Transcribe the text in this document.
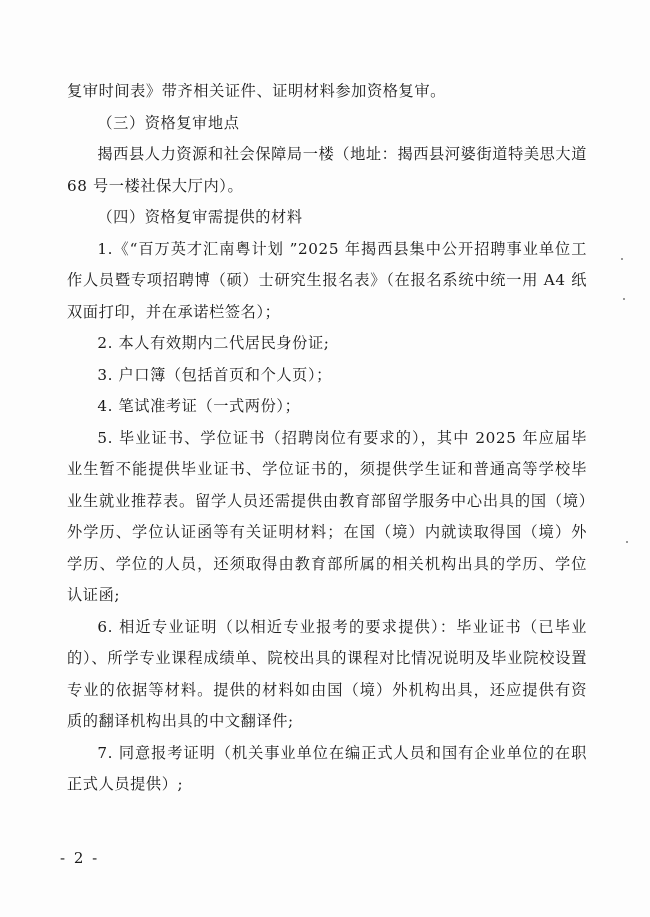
复审时间表》带齐相关证件、证明材料参加资格复审。

（三）资格复审地点

揭西县人力资源和社会保障局一楼（地址：揭西县河婆街道特美思大道 68 号一楼社保大厅内）。

（四）资格复审需提供的材料

1.《“百万英才汇南粤计划 ”2025 年揭西县集中公开招聘事业单位工作人员暨专项招聘博（硕）士研究生报名表》（在报名系统中统一用 A4 纸双面打印，并在承诺栏签名）；

2. 本人有效期内二代居民身份证;

3. 户口簿（包括首页和个人页）；

4. 笔试准考证（一式两份）；

5. 毕业证书、学位证书（招聘岗位有要求的），其中 2025 年应届毕业生暂不能提供毕业证书、学位证书的，须提供学生证和普通高等学校毕业生就业推荐表。留学人员还需提供由教育部留学服务中心出具的国（境）外学历、学位认证函等有关证明材料；在国（境）内就读取得国（境）外学历、学位的人员，还须取得由教育部所属的相关机构出具的学历、学位认证函;

6. 相近专业证明（以相近专业报考的要求提供）：毕业证书（已毕业的）、所学专业课程成绩单、院校出具的课程对比情况说明及毕业院校设置专业的依据等材料。提供的材料如由国（境）外机构出具，还应提供有资质的翻译机构出具的中文翻译件;

7. 同意报考证明（机关事业单位在编正式人员和国有企业单位的在职正式人员提供）;

- 2 -
